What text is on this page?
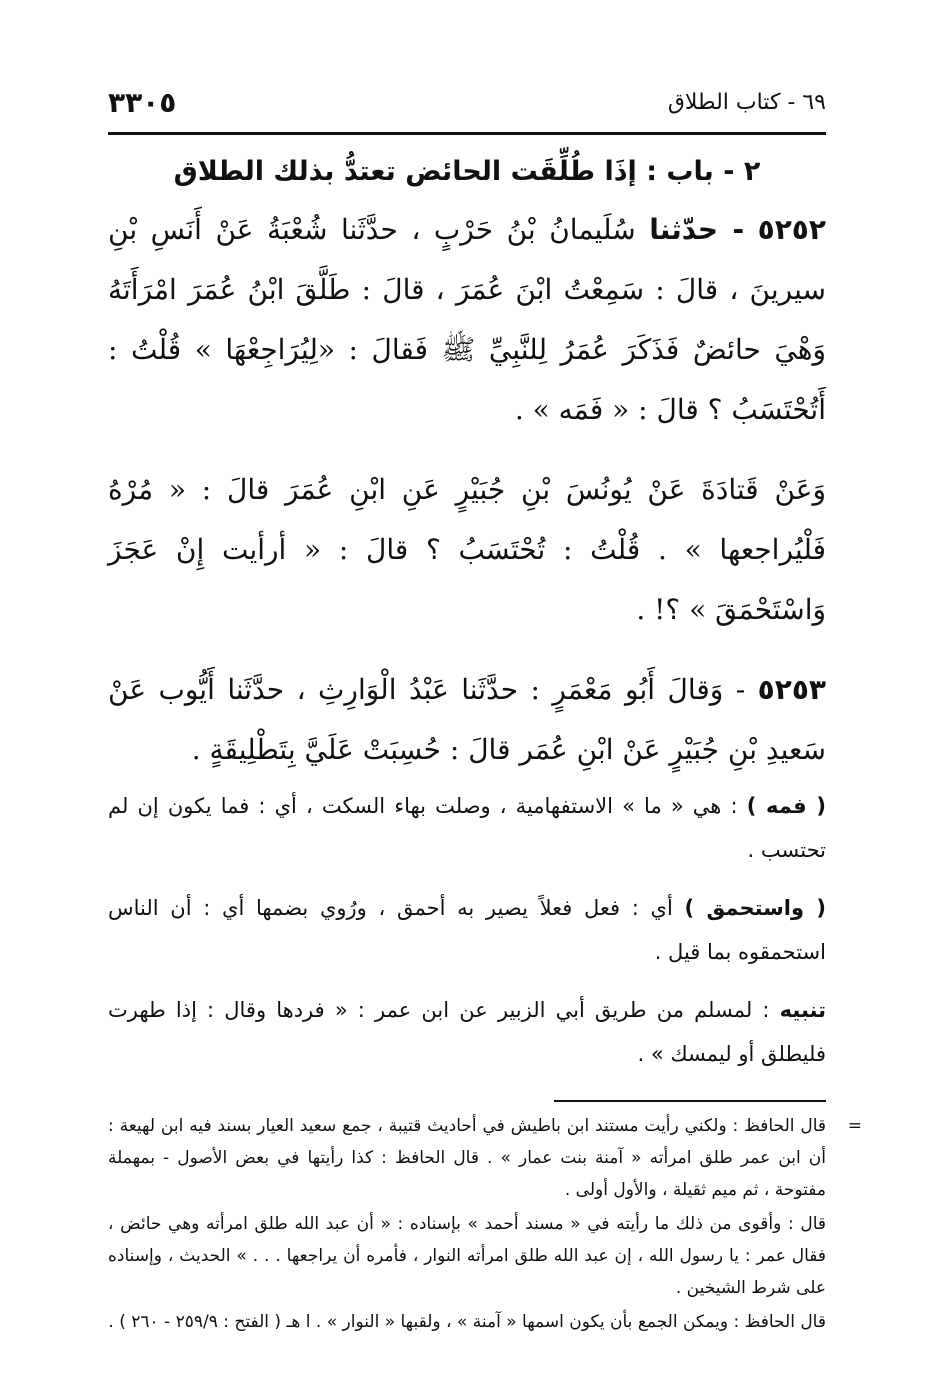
٦٩ - كتاب الطلاق
٣٣٠٥
٢ - باب : إذَا طُلِّقَت الحائض تعتدُّ بذلك الطلاق
٥٢٥٢ - حدّثنا سُلَيمانُ بْنُ حَرْبٍ ، حدَّثَنا شُعْبَةُ عَنْ أَنَسِ بْنِ سيرينَ ، قالَ : سَمِعْتُ ابْنَ عُمَرَ ، قالَ : طَلَّقَ ابْنُ عُمَرَ امْرَأَتَهُ وَهْيَ حائضٌ فَذَكَرَ عُمَرُ لِلنَّبِيِّ ﷺ فَقالَ : «لِيُرَاجِعْهَا » قُلْتُ : أَتُحْتَسَبُ ؟ قالَ : « فَمَه » .
وَعَنْ قَتادَةَ عَنْ يُونُسَ بْنِ جُبَيْرٍ عَنِ ابْنِ عُمَرَ قالَ : « مُرْهُ فَلْيُراجعها » . قُلْتُ : تُحْتَسَبُ ؟ قالَ : « أرأيت إِنْ عَجَزَ وَاسْتَحْمَقَ » ؟! .
٥٢٥٣ - وَقالَ أَبُو مَعْمَرٍ : حدَّثَنا عَبْدُ الْوَارِثِ ، حدَّثَنا أَيُّوب عَنْ سَعيدِ بْنِ جُبَيْرٍ عَنْ ابْنِ عُمَر قالَ : حُسِبَتْ عَلَيَّ بِتَطْلِيقَةٍ .
( فمه ) : هي « ما » الاستفهامية ، وصلت بهاء السكت ، أي : فما يكون إن لم تحتسب .
( واستحمق ) أي : فعل فعلاً يصير به أحمق ، ورُوي بضمها أي : أن الناس استحمقوه بما قيل .
تنبيه : لمسلم من طريق أبي الزبير عن ابن عمر : « فردها وقال : إذا طهرت فليطلق أو ليمسك » .
=

قال الحافظ : ولكني رأيت مستند ابن باطيش في أحاديث قتيبة ، جمع سعيد العيار بسند فيه ابن لهيعة : أن ابن عمر طلق امرأته « آمنة بنت عمار » . قال الحافظ : كذا رأيتها في بعض الأصول - بمهملة مفتوحة ، ثم ميم ثقيلة ، والأول أولى .

قال : وأقوى من ذلك ما رأيته في « مسند أحمد » بإسناده : « أن عبد الله طلق امرأته وهي حائض ، فقال عمر : يا رسول الله ، إن عبد الله طلق امرأته النوار ، فأمره أن يراجعها . . . » الحديث ، وإسناده على شرط الشيخين .

قال الحافظ : ويمكن الجمع بأن يكون اسمها « آمنة » ، ولقبها « النوار » . ا هـ ( الفتح : ٢٥٩/٩ - ٢٦٠ ) .
